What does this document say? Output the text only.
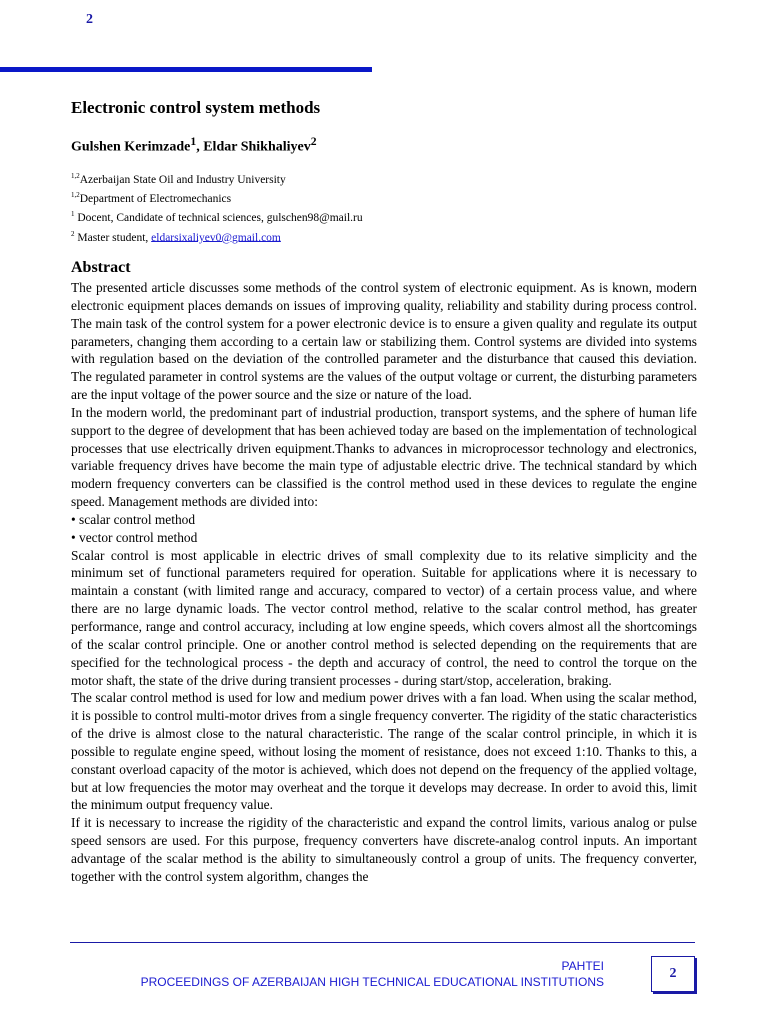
2
Electronic control system methods
Gulshen Kerimzade$^1$, Eldar Shikhaliyev$^2$
$^{1,2}$Azerbaijan State Oil and Industry University
$^{1,2}$Department of Electromechanics
$^1$ Docent, Candidate of technical sciences, gulschen98@mail.ru
$^2$ Master student, eldarsixaliyev0@gmail.com
Abstract

The presented article discusses some methods of the control system of electronic equipment. As is known, modern electronic equipment places demands on issues of improving quality, reliability and stability during process control. The main task of the control system for a power electronic device is to ensure a given quality and regulate its output parameters, changing them according to a certain law or stabilizing them. Control systems are divided into systems with regulation based on the deviation of the controlled parameter and the disturbance that caused this deviation. The regulated parameter in control systems are the values of the output voltage or current, the disturbing parameters are the input voltage of the power source and the size or nature of the load.

In the modern world, the predominant part of industrial production, transport systems, and the sphere of human life support to the degree of development that has been achieved today are based on the implementation of technological processes that use electrically driven equipment.Thanks to advances in microprocessor technology and electronics, variable frequency drives have become the main type of adjustable electric drive. The technical standard by which modern frequency converters can be classified is the control method used in these devices to regulate the engine speed. Management methods are divided into:

• scalar control method

• vector control method

Scalar control is most applicable in electric drives of small complexity due to its relative simplicity and the minimum set of functional parameters required for operation. Suitable for applications where it is necessary to maintain a constant (with limited range and accuracy, compared to vector) of a certain process value, and where there are no large dynamic loads. The vector control method, relative to the scalar control method, has greater performance, range and control accuracy, including at low engine speeds, which covers almost all the shortcomings of the scalar control principle. One or another control method is selected depending on the requirements that are specified for the technological process - the depth and accuracy of control, the need to control the torque on the motor shaft, the state of the drive during transient processes - during start/stop, acceleration, braking.

The scalar control method is used for low and medium power drives with a fan load. When using the scalar method, it is possible to control multi-motor drives from a single frequency converter. The rigidity of the static characteristics of the drive is almost close to the natural characteristic. The range of the scalar control principle, in which it is possible to regulate engine speed, without losing the moment of resistance, does not exceed 1:10. Thanks to this, a constant overload capacity of the motor is achieved, which does not depend on the frequency of the applied voltage, but at low frequencies the motor may overheat and the torque it develops may decrease. In order to avoid this, limit the minimum output frequency value.

If it is necessary to increase the rigidity of the characteristic and expand the control limits, various analog or pulse speed sensors are used. For this purpose, frequency converters have discrete-analog control inputs. An important advantage of the scalar method is the ability to simultaneously control a group of units. The frequency converter, together with the control system algorithm, changes the

PAHTEI
PROCEEDINGS OF AZERBAIJAN HIGH TECHNICAL EDUCATIONAL INSTITUTIONS
2
